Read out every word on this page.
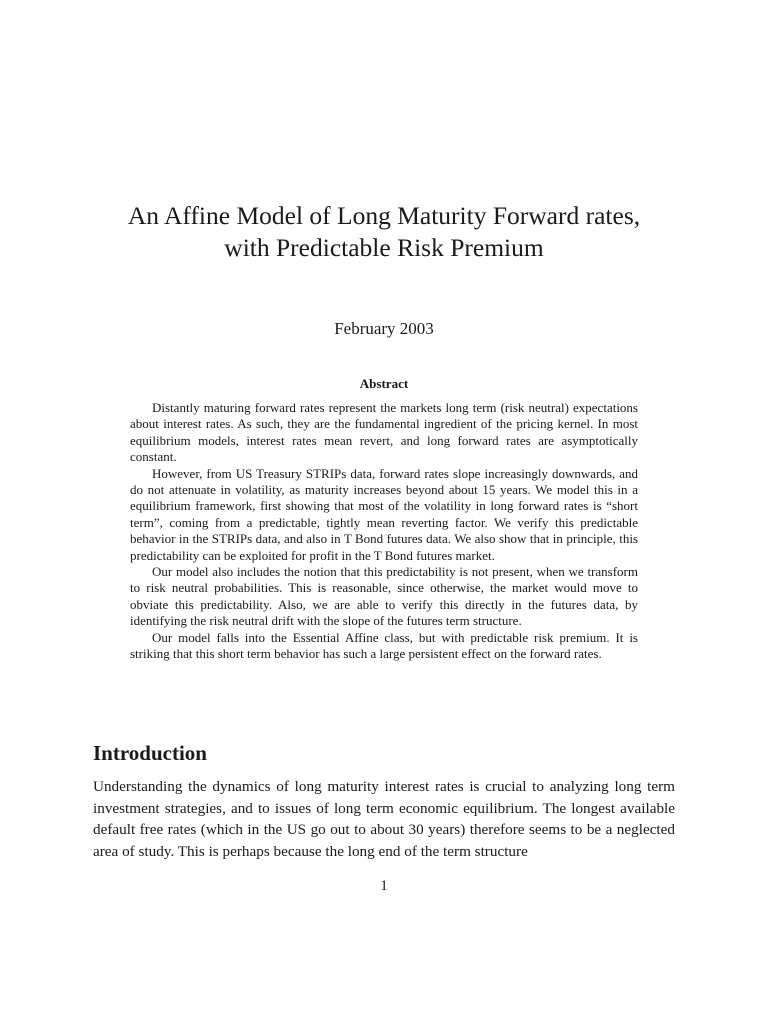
An Affine Model of Long Maturity Forward rates,
with Predictable Risk Premium
February 2003
Abstract

Distantly maturing forward rates represent the markets long term (risk neutral) expectations about interest rates. As such, they are the fundamental ingredient of the pricing kernel. In most equilibrium models, interest rates mean revert, and long forward rates are asymptotically constant.

However, from US Treasury STRIPs data, forward rates slope increasingly downwards, and do not attenuate in volatility, as maturity increases beyond about 15 years. We model this in a equilibrium framework, first showing that most of the volatility in long forward rates is “short term”, coming from a predictable, tightly mean reverting factor. We verify this predictable behavior in the STRIPs data, and also in T Bond futures data. We also show that in principle, this predictability can be exploited for profit in the T Bond futures market.

Our model also includes the notion that this predictability is not present, when we transform to risk neutral probabilities. This is reasonable, since otherwise, the market would move to obviate this predictability. Also, we are able to verify this directly in the futures data, by identifying the risk neutral drift with the slope of the futures term structure.

Our model falls into the Essential Affine class, but with predictable risk premium. It is striking that this short term behavior has such a large persistent effect on the forward rates.

Introduction

Understanding the dynamics of long maturity interest rates is crucial to analyzing long term investment strategies, and to issues of long term economic equilibrium. The longest available default free rates (which in the US go out to about 30 years) therefore seems to be a neglected area of study. This is perhaps because the long end of the term structure

1
